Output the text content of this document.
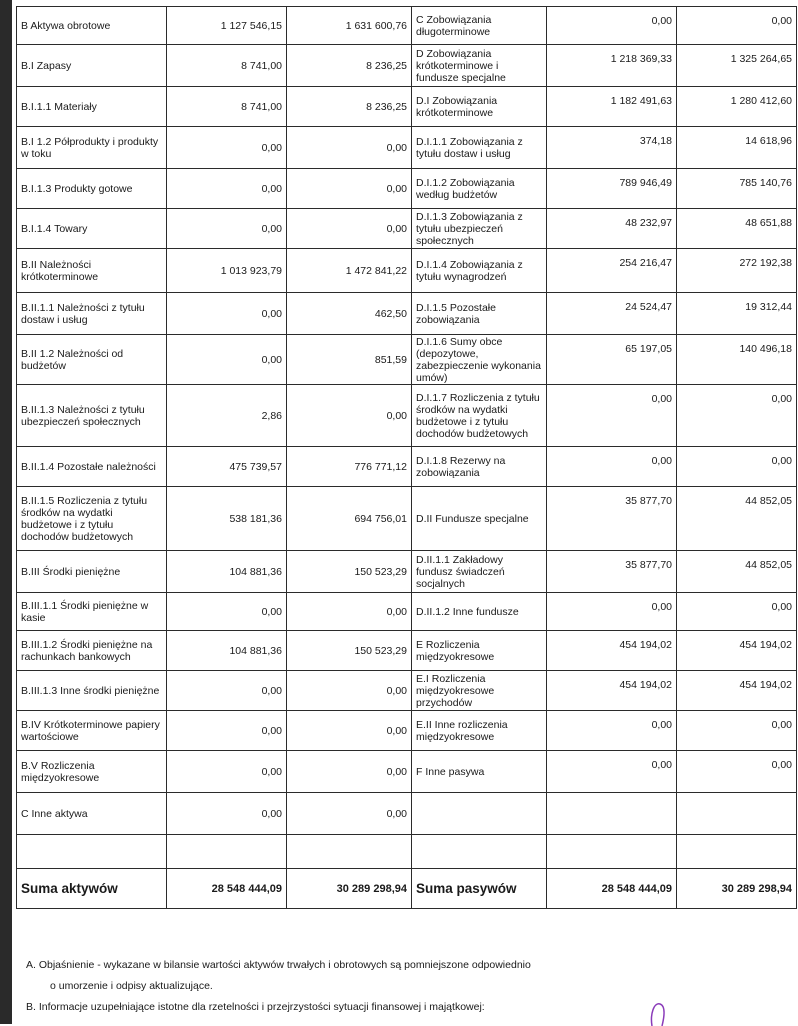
B Aktywa obrotowe	1 127 546,15	1 631 600,76	C Zobowiązania długoterminowe	0,00	0,00
B.I Zapasy	8 741,00	8 236,25	D Zobowiązania krótkoterminowe i fundusze specjalne	1 218 369,33	1 325 264,65
B.I.1.1 Materiały	8 741,00	8 236,25	D.I Zobowiązania krótkoterminowe	1 182 491,63	1 280 412,60
B.I 1.2 Półprodukty i produkty w toku	0,00	0,00	D.I.1.1 Zobowiązania z tytułu dostaw i usług	374,18	14 618,96
B.I.1.3 Produkty gotowe	0,00	0,00	D.I.1.2 Zobowiązania według budżetów	789 946,49	785 140,76
B.I.1.4 Towary	0,00	0,00	D.I.1.3 Zobowiązania z tytułu ubezpieczeń społecznych	48 232,97	48 651,88
B.II Należności krótkoterminowe	1 013 923,79	1 472 841,22	D.I.1.4 Zobowiązania z tytułu wynagrodzeń	254 216,47	272 192,38
B.II.1.1 Należności z tytułu dostaw i usług	0,00	462,50	D.I.1.5 Pozostałe zobowiązania	24 524,47	19 312,44
B.II 1.2 Należności od budżetów	0,00	851,59	D.I.1.6 Sumy obce (depozytowe, zabezpieczenie wykonania umów)	65 197,05	140 496,18
B.II.1.3 Należności z tytułu ubezpieczeń społecznych	2,86	0,00	D.I.1.7 Rozliczenia z tytułu środków na wydatki budżetowe i z tytułu dochodów budżetowych	0,00	0,00
B.II.1.4 Pozostałe należności	475 739,57	776 771,12	D.I.1.8 Rezerwy na zobowiązania	0,00	0,00
B.II.1.5 Rozliczenia z tytułu środków na wydatki budżetowe i z tytułu dochodów budżetowych	538 181,36	694 756,01	D.II Fundusze specjalne	35 877,70	44 852,05
B.III Środki pieniężne	104 881,36	150 523,29	D.II.1.1 Zakładowy fundusz świadczeń socjalnych	35 877,70	44 852,05
B.III.1.1 Środki pieniężne w kasie	0,00	0,00	D.II.1.2 Inne fundusze	0,00	0,00
B.III.1.2 Środki pieniężne na rachunkach bankowych	104 881,36	150 523,29	E Rozliczenia międzyokresowe	454 194,02	454 194,02
B.III.1.3 Inne środki pieniężne	0,00	0,00	E.I Rozliczenia międzyokresowe przychodów	454 194,02	454 194,02
B.IV Krótkoterminowe papiery wartościowe	0,00	0,00	E.II Inne rozliczenia międzyokresowe	0,00	0,00
B.V Rozliczenia międzyokresowe	0,00	0,00	F Inne pasywa	0,00	0,00
C Inne aktywa	0,00	0,00			

Suma aktywów	28 548 444,09	30 289 298,94	Suma pasywów	28 548 444,09	30 289 298,94

A. Objaśnienie - wykazane w bilansie wartości aktywów trwałych i obrotowych są pomniejszone odpowiednio

o umorzenie i odpisy aktualizujące.

B. Informacje uzupełniające istotne dla rzetelności i przejrzystości sytuacji finansowej i majątkowej:
